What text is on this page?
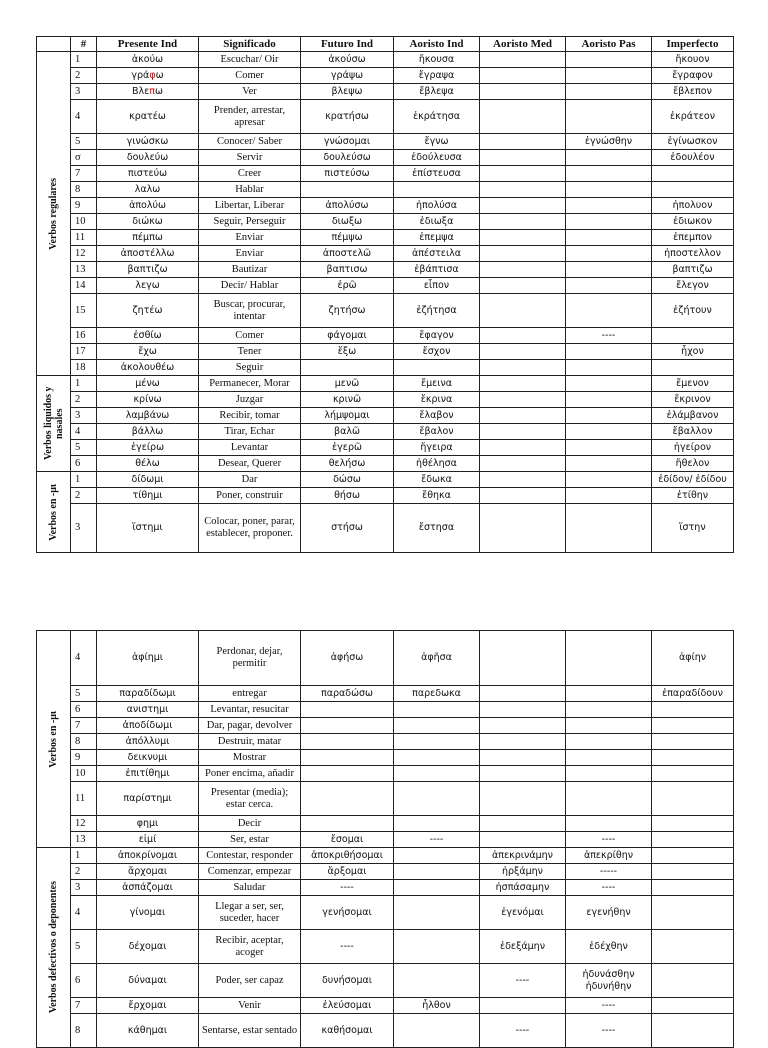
	#	Presente Ind	Significado	Futuro Ind	Aoristo Ind	Aoristo Med	Aoristo Pas	Imperfecto

Verbos regulares	1	ἀκούω	Escuchar/ Oir	ἀκούσω	ἤκουσα			ἤκουον
	2	γράφω	Comer	γράψω	ἔγραψα			ἔγραφον
	3	Βλεπω	Ver	βλεψω	ἔβλεψα			ἔβλεπον
	4	κρατέω	Prender, arrestar, apresar	κρατήσω	ἐκράτησα			ἐκράτεον
	5	γινώσκω	Conocer/ Saber	γνώσομαι	ἔγνω		ἐγνώσθην	ἐγίνωσκον
	σ	δουλεύω	Servir	δουλεύσω	ἐδούλευσα			ἐδουλέον
	7	πιστεύω	Creer	πιστεύσω	ἐπίστευσα			
	8	λαλω	Hablar					
	9	ἀπολύω	Libertar, Liberar	ἀπολύσω	ἠπολύσα			ἠπολυον
	10	διώκω	Seguir, Perseguir	διωξω	ἐδιωξα			ἐδιωκον
	11	πέμπω	Enviar	πέμψω	ἐπεμψα			ἐπεμπον
	12	ἀποστέλλω	Enviar	ἀποστελῶ	ἀπέστειλα			ἠποστελλον
	13	βαπτιζω	Bautizar	βαπτισω	ἐβάπτισα			βαπτιζω
	14	λεγω	Decir/ Hablar	ἐρῶ	εἶπον			ἔλεγον
	15	ζητέω	Buscar, procurar, intentar	ζητήσω	ἐζήτησα			ἐζήτουν
	16	ἐσθίω	Comer	φάγομαι	ἔφαγον		----	
	17	ἔχω	Tener	ἕξω	ἔσχον			ἦχον
	18	ἀκολουθέω	Seguir					

Verbos liquidos y nasales	1	μένω	Permanecer, Morar	μενῶ	ἔμεινα			ἔμενον
	2	κρίνω	Juzgar	κρινῶ	ἔκρινα			ἔκρινον
	3	λαμβάνω	Recibir, tomar	λήμψομαι	ἔλαβον			ἐλάμβανον
	4	βάλλω	Tirar, Echar	βαλῶ	ἔβαλον			ἔβαλλον
	5	ἐγείρω	Levantar	ἐγερῶ	ἤγειρα			ἠγείρον
	6	θέλω	Desear, Querer	θελήσω	ἠθέλησα			ἤθελον

Verbos en -μι	1	δίδωμι	Dar	δώσω	ἔδωκα			ἐδίδον/ ἐδίδου
	2	τίθημι	Poner, construir	θήσω	ἔθηκα			ἐτίθην
	3	ἵστημι	Colocar, poner, parar, establecer, proponer.	στήσω	ἔστησα			ἵστην
Verbos en -μι	4	ἀφίημι	Perdonar, dejar, permitir	ἀφήσω	ἀφῆσα			ἀφίην
	5	παραδίδωμι	entregar	παραδώσω	παρεδωκα			ἐπαραδίδουν
	6	ανιστημι	Levantar, resucitar					
	7	ἀποδίδωμι	Dar, pagar, devolver					
	8	ἀπόλλυμι	Destruir, matar					
	9	δεικνυμι	Mostrar					
	10	ἐπιτίθημι	Poner encima, añadir					
	11	παρίστημι	Presentar (media); estar cerca.					
	12	φημι	Decir					
	13	εἰμί	Ser, estar	ἔσομαι	----		----	

Verbos defectivos o deponentes	1	ἀποκρίνομαι	Contestar, responder	ἀποκριθήσομαι		ἀπεκρινάμην	ἀπεκρίθην	
	2	ἄρχομαι	Comenzar, empezar	ἄρξομαι		ἠρξάμην	-----	
	3	ἀσπάζομαι	Saludar	----		ἠσπάσαμην	----	
	4	γίνομαι	Llegar a ser, ser, suceder, hacer	γενήσομαι		ἐγενόμαι	εγενήθην	
	5	δέχομαι	Recibir, aceptar, acoger	----		ἐδεξάμην	ἐδέχθην	
	6	δύναμαι	Poder, ser capaz	δυνήσομαι		----	ἠδυνάσθην ἠδυνήθην	
	7	ἔρχομαι	Venir	ἐλεύσομαι	ἦλθον		----	
	8	κάθημαι	Sentarse, estar sentado	καθήσομαι		----	----	
